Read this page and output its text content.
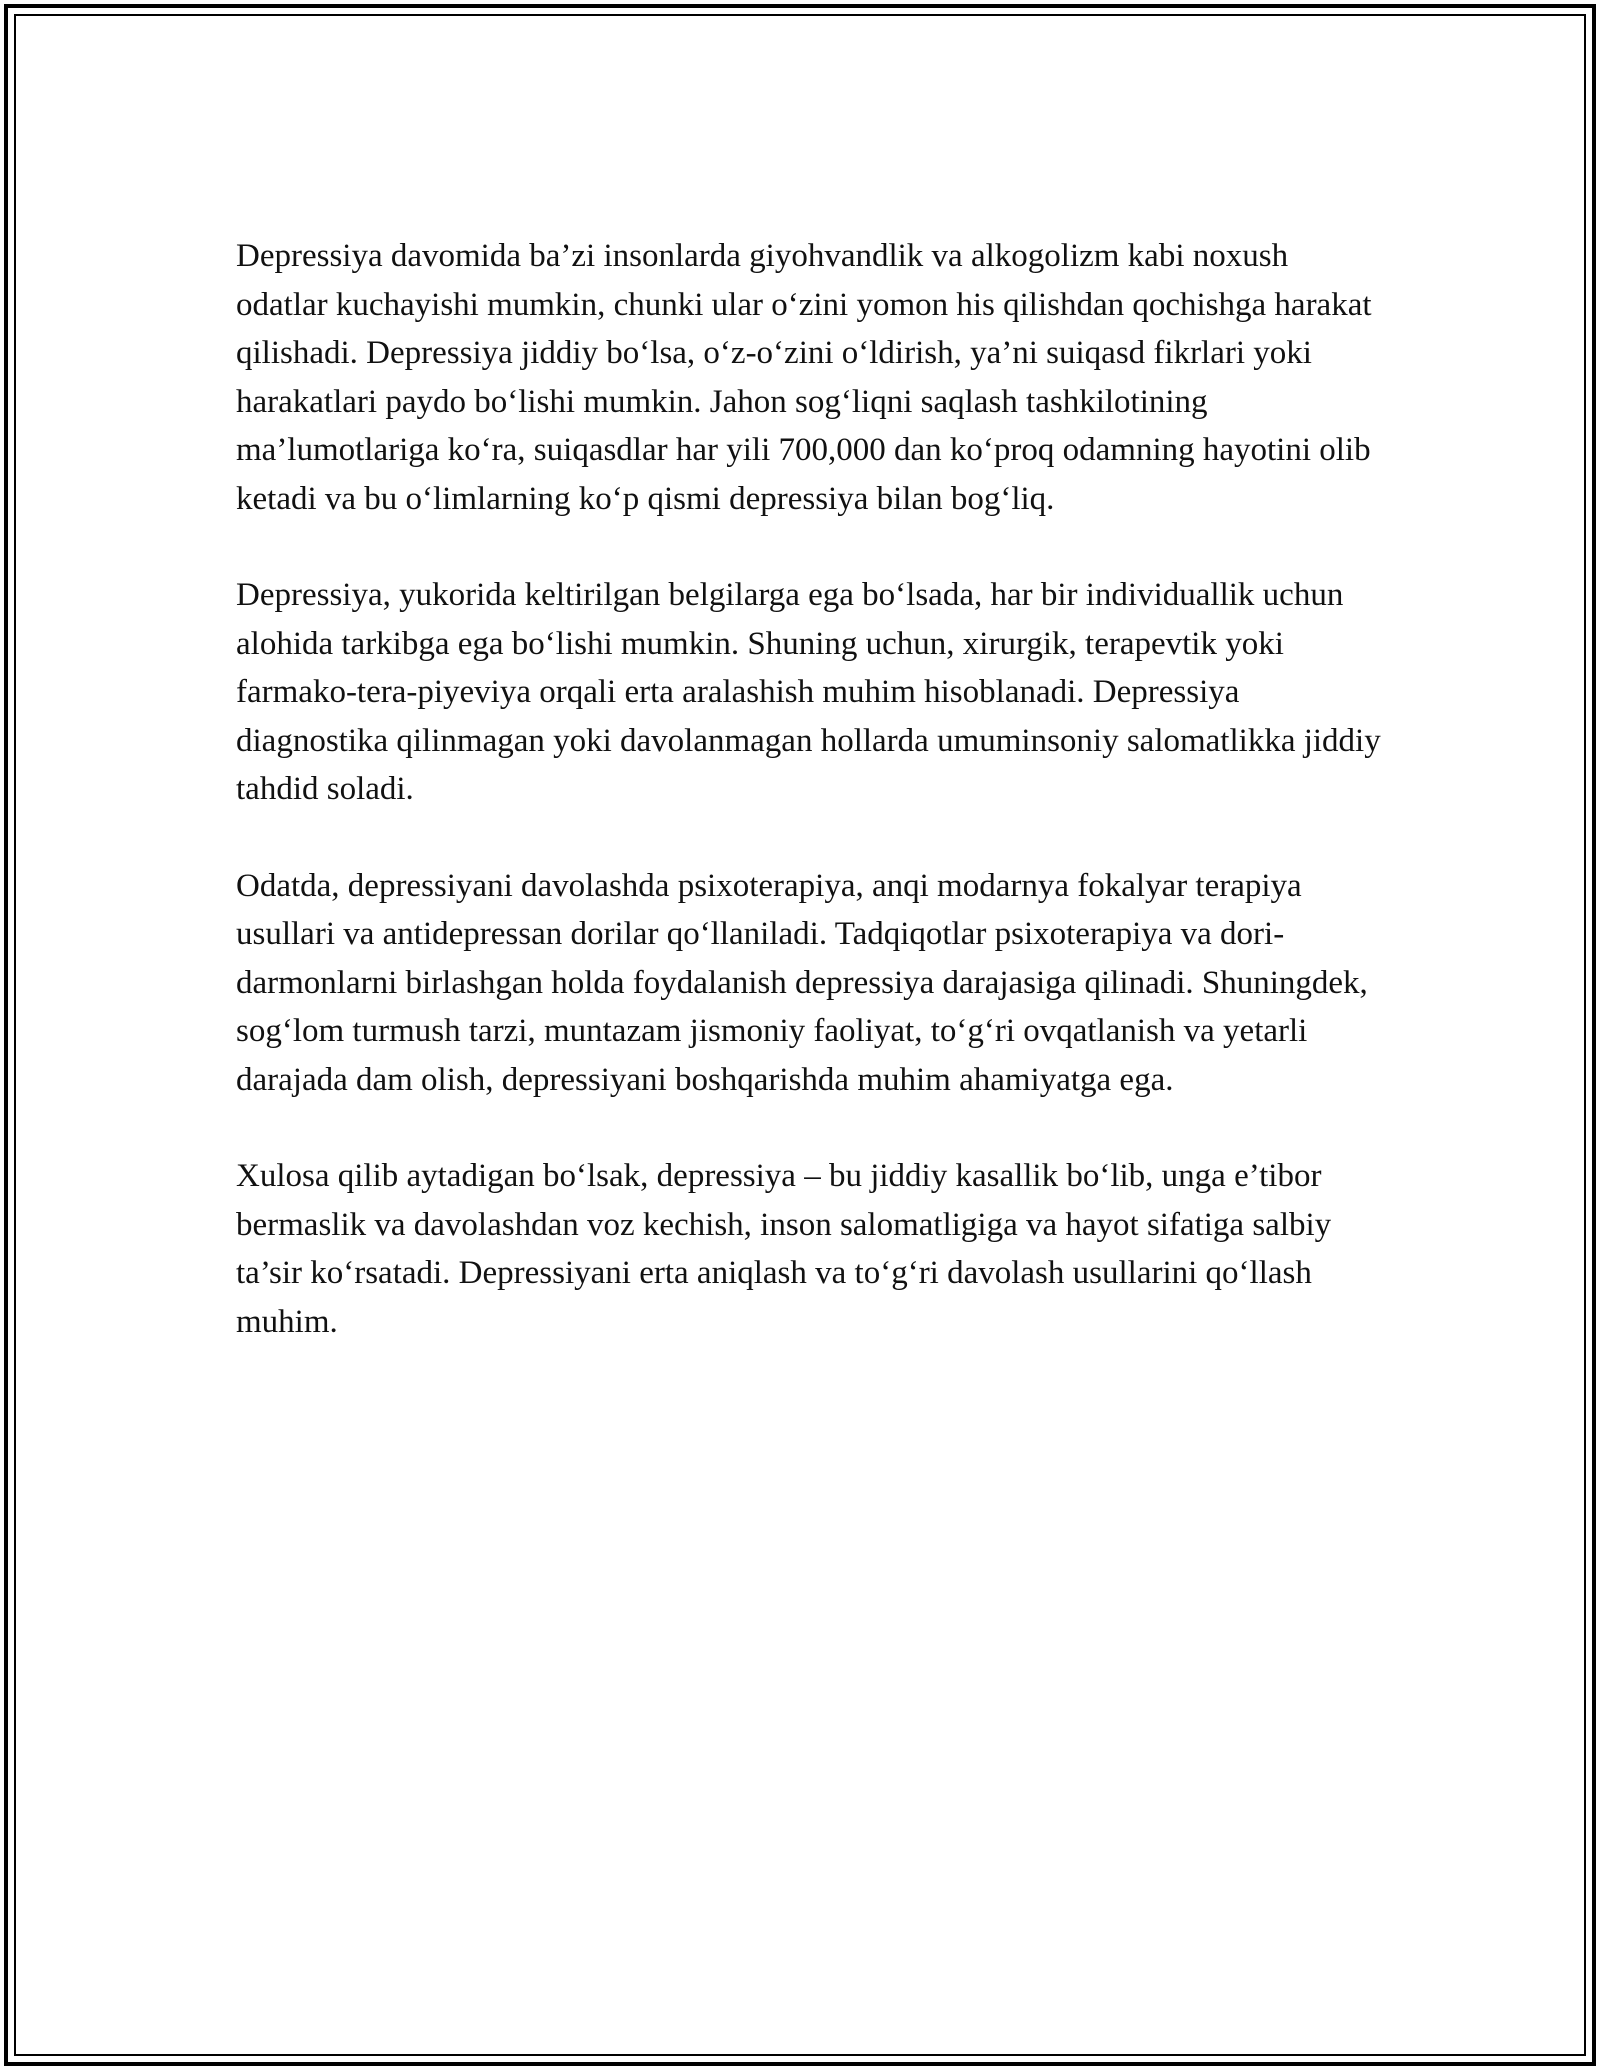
Depressiya davomida ba’zi insonlarda giyohvandlik va alkogolizm kabi noxush odatlar kuchayishi mumkin, chunki ular o‘zini yomon his qilishdan qochishga harakat qilishadi. Depressiya jiddiy bo‘lsa, o‘z-o‘zini o‘ldirish, ya’ni suiqasd fikrlari yoki harakatlari paydo bo‘lishi mumkin. Jahon sog‘liqni saqlash tashkilotining ma’lumotlariga ko‘ra, suiqasdlar har yili 700,000 dan ko‘proq odamning hayotini olib ketadi va bu o‘limlarning ko‘p qismi depressiya bilan bog‘liq.

Depressiya, yukorida keltirilgan belgilarga ega bo‘lsada, har bir individuallik uchun alohida tarkibga ega bo‘lishi mumkin. Shuning uchun, xirurgik, terapevtik yoki farmako-tera-piyeviya orqali erta aralashish muhim hisoblanadi. Depressiya diagnostika qilinmagan yoki davolanmagan hollarda umuminsoniy salomatlikka jiddiy tahdid soladi.

Odatda, depressiyani davolashda psixoterapiya, anqi modarnya fokalyar terapiya usullari va antidepressan dorilar qo‘llaniladi. Tadqiqotlar psixoterapiya va dori-darmonlarni birlashgan holda foydalanish depressiya darajasiga qilinadi. Shuningdek, sog‘lom turmush tarzi, muntazam jismoniy faoliyat, to‘g‘ri ovqatlanish va yetarli darajada dam olish, depressiyani boshqarishda muhim ahamiyatga ega.

Xulosa qilib aytadigan bo‘lsak, depressiya – bu jiddiy kasallik bo‘lib, unga e’tibor bermaslik va davolashdan voz kechish, inson salomatligiga va hayot sifatiga salbiy ta’sir ko‘rsatadi. Depressiyani erta aniqlash va to‘g‘ri davolash usullarini qo‘llash muhim.
